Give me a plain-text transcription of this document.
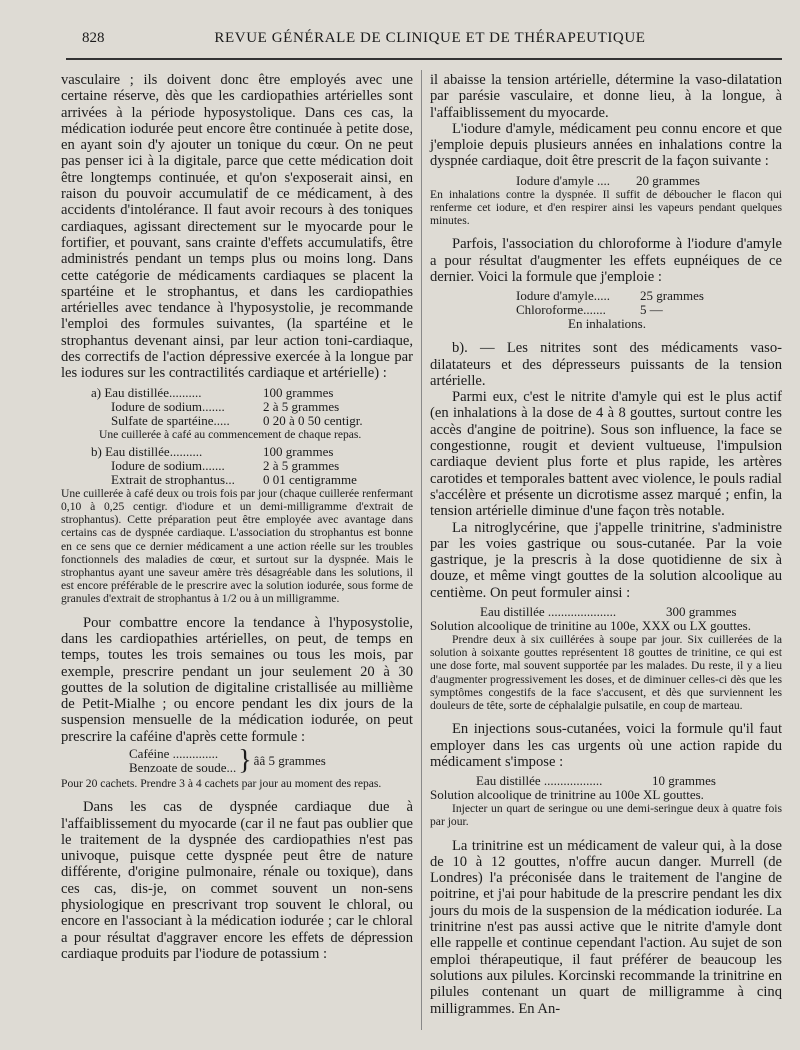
828	REVUE GÉNÉRALE DE CLINIQUE ET DE THÉRAPEUTIQUE

vasculaire ; ils doivent donc être employés avec une certaine réserve, dès que les cardiopathies artérielles sont arrivées à la période hyposystolique. Dans ces cas, la médication iodurée peut encore être continuée à petite dose, en ayant soin d'y ajouter un tonique du cœur. On ne peut pas penser ici à la digitale, parce que cette médication doit être longtemps continuée, et qu'on s'exposerait ainsi, en raison du pouvoir accumulatif de ce médicament, à des accidents d'intolérance. Il faut avoir recours à des toniques cardiaques, agissant directement sur le myocarde pour le fortifier, et pouvant, sans crainte d'effets accumulatifs, être administrés pendant un temps plus ou moins long. Dans cette catégorie de médicaments cardiaques se placent la spartéine et le strophantus, et dans les cardiopathies artérielles avec tendance à l'hyposystolie, je recommande l'emploi des formules suivantes, (la spartéine et le strophantus devenant ainsi, par leur action toni-cardiaque, des correctifs de l'action dépressive exercée à la longue par les iodures sur les contractilités cardiaque et artérielle) :

a) Eau distillée..........	100 grammes
Iodure de sodium.......	2 à 5 grammes
Sulfate de spartéine.....	0 20 à 0 50 centigr.

Une cuillerée à café au commencement de chaque repas.

b) Eau distillée..........	100 grammes
Iodure de sodium.......	2 à 5 grammes
Extrait de strophantus...	0 01 centigramme

Une cuillerée à café deux ou trois fois par jour (chaque cuillerée renfermant 0,10 à 0,25 centigr. d'iodure et un demi-milligramme d'extrait de strophantus). Cette préparation peut être employée avec avantage dans certains cas de dyspnée cardiaque. L'association du strophantus est bonne en ce sens que ce dernier médicament a une action réelle sur les troubles fonctionnels des maladies de cœur, et surtout sur la dyspnée. Mais le strophantus ayant une saveur amère très désagréable dans les solutions, il est encore préférable de le prescrire avec la solution iodurée, sous forme de granules d'extrait de strophantus à 1/2 ou à un milligramme.

Pour combattre encore la tendance à l'hyposystolie, dans les cardiopathies artérielles, on peut, de temps en temps, toutes les trois semaines ou tous les mois, par exemple, prescrire pendant un jour seulement 20 à 30 gouttes de la solution de digitaline cristallisée au millième de Petit-Mialhe ; ou encore pendant les dix jours de la suspension mensuelle de la médication iodurée, on peut prescrire la caféine d'après cette formule :

Caféine ..............
Benzoate de soude... } ââ 5 grammes

Pour 20 cachets. Prendre 3 à 4 cachets par jour au moment des repas.

Dans les cas de dyspnée cardiaque due à l'affaiblissement du myocarde (car il ne faut pas oublier que le traitement de la dyspnée des cardiopathies n'est pas univoque, puisque cette dyspnée peut être de nature différente, d'origine pulmonaire, rénale ou toxique), dans ces cas, dis-je, on commet souvent un non-sens physiologique en prescrivant trop souvent le chloral, ou encore en l'associant à la médication iodurée ; car le chloral a pour résultat d'aggraver encore les effets de dépression cardiaque produits par l'iodure de potassium :

il abaisse la tension artérielle, détermine la vaso-dilatation par parésie vasculaire, et donne lieu, à la longue, à l'affaiblissement du myocarde.

L'iodure d'amyle, médicament peu connu encore et que j'emploie depuis plusieurs années en inhalations contre la dyspnée cardiaque, doit être prescrit de la façon suivante :

Iodure d'amyle ....	20 grammes

En inhalations contre la dyspnée. Il suffit de déboucher le flacon qui renferme cet iodure, et d'en respirer ainsi les vapeurs pendant quelques minutes.

Parfois, l'association du chloroforme à l'iodure d'amyle a pour résultat d'augmenter les effets eupnéiques de ce dernier. Voici la formule que j'emploie :

Iodure d'amyle.....	25 grammes
Chloroforme.......	5 —
En inhalations.

b). — Les nitrites sont des médicaments vaso-dilatateurs et des dépresseurs puissants de la tension artérielle.

Parmi eux, c'est le nitrite d'amyle qui est le plus actif (en inhalations à la dose de 4 à 8 gouttes, surtout contre les accès d'angine de poitrine). Sous son influence, la face se congestionne, rougit et devient vultueuse, l'impulsion cardiaque devient plus forte et plus rapide, les artères carotides et temporales battent avec violence, le pouls radial s'accélère et présente un dicrotisme assez marqué ; enfin, la tension artérielle diminue d'une façon très notable.

La nitroglycérine, que j'appelle trinitrine, s'administre par les voies gastrique ou sous-cutanée. Par la voie gastrique, je la prescris à la dose quotidienne de six à douze, et même vingt gouttes de la solution alcoolique au centième. On peut formuler ainsi :

Eau distillée .....................	300 grammes
Solution alcoolique de trinitine au 100e, XXX ou LX gouttes.

Prendre deux à six cuillérées à soupe par jour. Six cuillerées de la solution à soixante gouttes représentent 18 gouttes de trinitine, ce qui est une dose forte, mal souvent supportée par les malades. Du reste, il y a lieu d'augmenter progressivement les doses, et de diminuer celles-ci dès que les symptômes congestifs de la face s'accusent, et dès que surviennent les douleurs de tête, sorte de céphalalgie pulsatile, en coup de marteau.

En injections sous-cutanées, voici la formule qu'il faut employer dans les cas urgents où une action rapide du médicament s'impose :

Eau distillée ..................	10 grammes
Solution alcoolique de trinitrine au 100e XL gouttes.

Injecter un quart de seringue ou une demi-seringue deux à quatre fois par jour.

La trinitrine est un médicament de valeur qui, à la dose de 10 à 12 gouttes, n'offre aucun danger. Murrell (de Londres) l'a préconisée dans le traitement de l'angine de poitrine, et j'ai pour habitude de la prescrire pendant les dix jours du mois de la suspension de la médication iodurée. La trinitrine n'est pas aussi active que le nitrite d'amyle dont elle rappelle et continue cependant l'action. Au sujet de son emploi thérapeutique, il faut préférer de beaucoup les solutions aux pilules. Korcinski recommande la trinitrine en pilules contenant un quart de milligramme à cinq milligrammes. En An-
